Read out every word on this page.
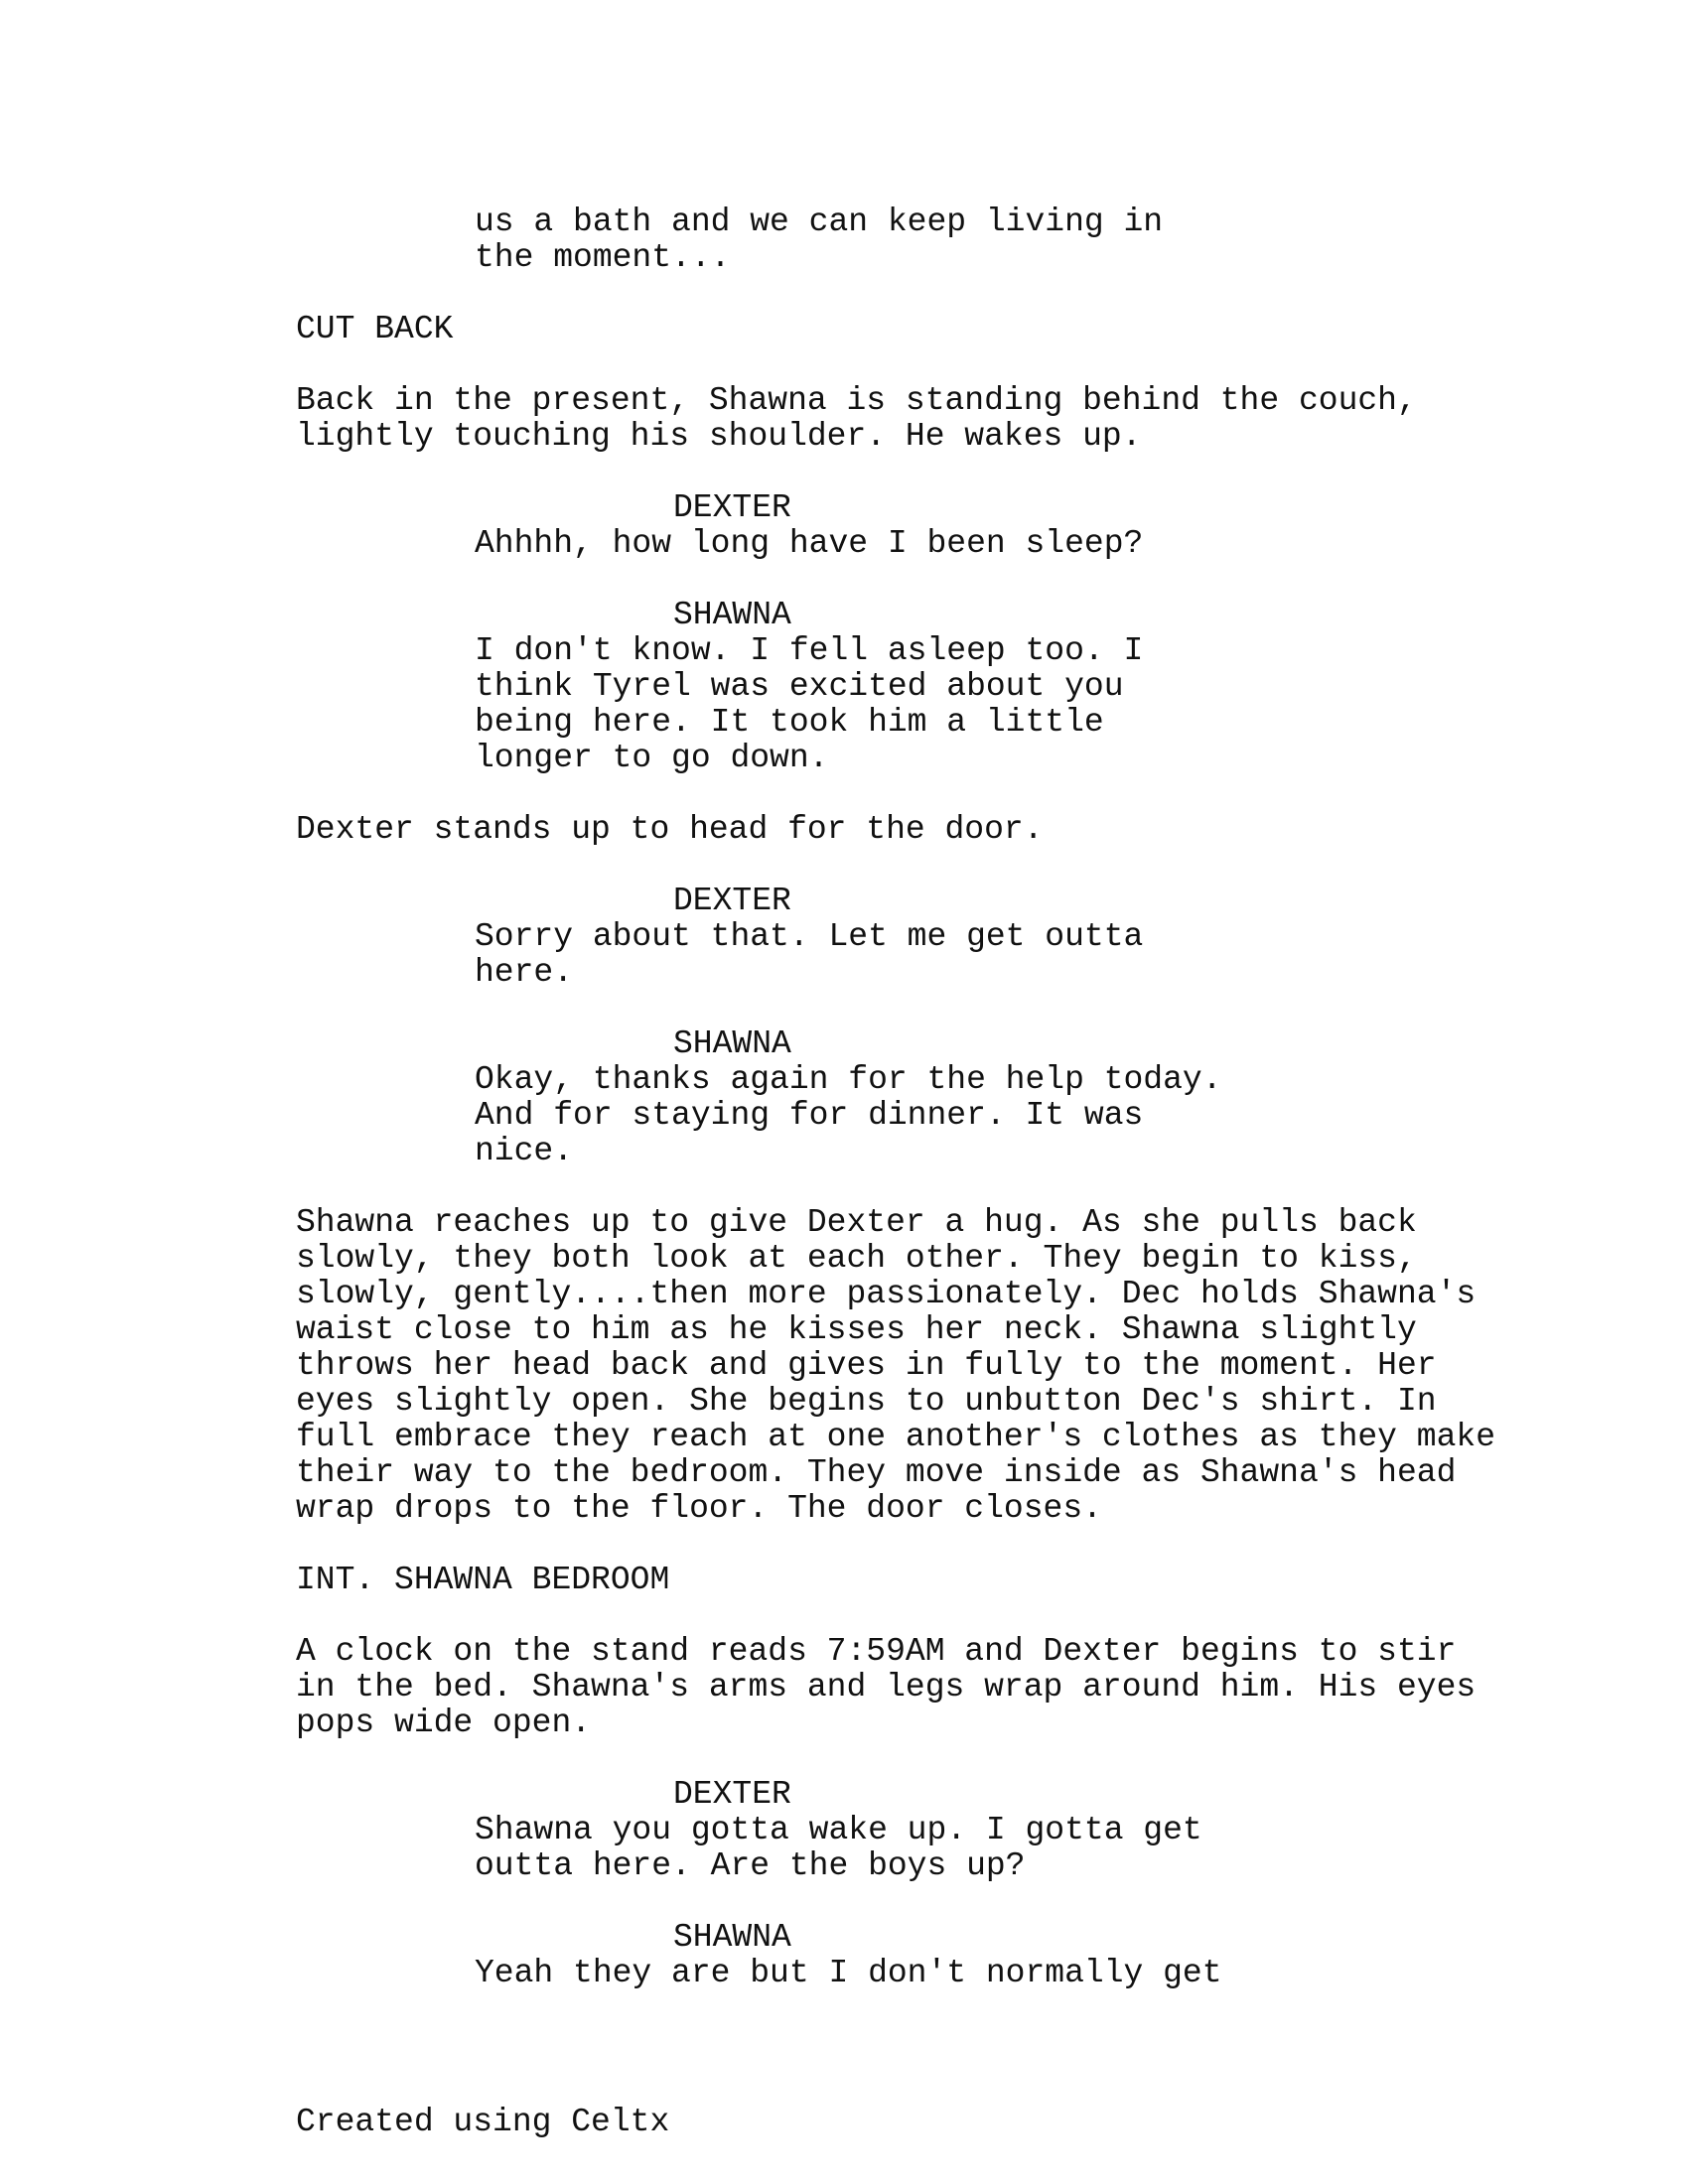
us a bath and we can keep living in
the moment...
CUT BACK
Back in the present, Shawna is standing behind the couch,
lightly touching his shoulder. He wakes up.
DEXTER
Ahhhh, how long have I been sleep?
SHAWNA
I don't know. I fell asleep too. I
think Tyrel was excited about you
being here. It took him a little
longer to go down.
Dexter stands up to head for the door.
DEXTER
Sorry about that. Let me get outta
here.
SHAWNA
Okay, thanks again for the help today.
And for staying for dinner. It was
nice.
Shawna reaches up to give Dexter a hug. As she pulls back
slowly, they both look at each other. They begin to kiss,
slowly, gently....then more passionately. Dec holds Shawna's
waist close to him as he kisses her neck. Shawna slightly
throws her head back and gives in fully to the moment. Her
eyes slightly open. She begins to unbutton Dec's shirt. In
full embrace they reach at one another's clothes as they make
their way to the bedroom. They move inside as Shawna's head
wrap drops to the floor. The door closes.
INT. SHAWNA BEDROOM
A clock on the stand reads 7:59AM and Dexter begins to stir
in the bed. Shawna's arms and legs wrap around him. His eyes
pops wide open.
DEXTER
Shawna you gotta wake up. I gotta get
outta here. Are the boys up?
SHAWNA
Yeah they are but I don't normally get
Created using Celtx
